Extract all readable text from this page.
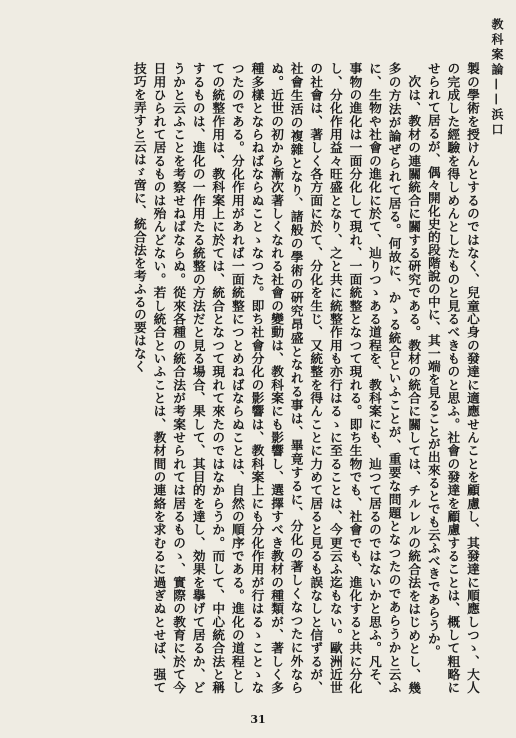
教科案論——浜口

製の學術を授けんとするのではなく、兒童心身の發達に適應せんことを顧慮し、其發達に順應しつゝ、大人の完成した經驗を得しめんとしたものと見るべきものと思ふ。社會の發達を顧慮することは、概して粗略にせられて居るが、偶々開化史的段階說の中に、其一端を見ることが出來るとでも云ふべきであらうか。

次は、教材の連關統合に關する硏究である。教材の統合に關しては、チルレルの統合法をはじめとし、幾多の方法が論ぜられて居る。何故に、かゝる統合といふことが、重要な問題となつたのであらうかと云ふに、生物や社會の進化に於て、辿りつゝある道程を、教科案にも、辿つて居るのではないかと思ふ。凡そ、事物の進化は一面分化して現れ、一面統整となつて現れる。即ち生物でも、社會でも、進化すると共に分化し、分化作用益々旺盛となり、之と共に統整作用も亦行はるゝに至ることは、今更云ふ迄もない。歐洲近世の社會は、著しく各方面に於て、分化を生じ、又統整を得んことに力めて居ると見るも誤なしと信ずるが、社會生活の複雜となり、諸般の學術の硏究昂盛となれる事は、畢竟するに、分化の著しくなつたに外ならぬ。近世の初から漸次著しくなれる社會の變動は、教科案にも影響し、選擇すべき教材の種類が、著しく多種多樣とならねばならぬことゝなつた。即ち社會分化の影響は、教科案上にも分化作用が行はるゝことゝなつたのである。分化作用があれば一面統整につとめねばならぬことは、自然の順序である。進化の道程としての統整作用は、教科案上に於ては、統合となつて現れて來たのではなからうか。而して、中心統合法と稱するものは、進化の一作用たる統整の方法だと見る場合、果して、其目的を達し、効果を擧げて居るか、どうかと云ふことを考察せねばならぬ。從來各種の統合法が考案せられては居るものゝ、實際の教育に於て今日用ひられて居るものは殆んどない。若し統合といふことは、教材間の連絡を求むるに過ぎぬとせば、强て技巧を弄すと云はゞ啻に、統合法を考ふるの要はなく

31
